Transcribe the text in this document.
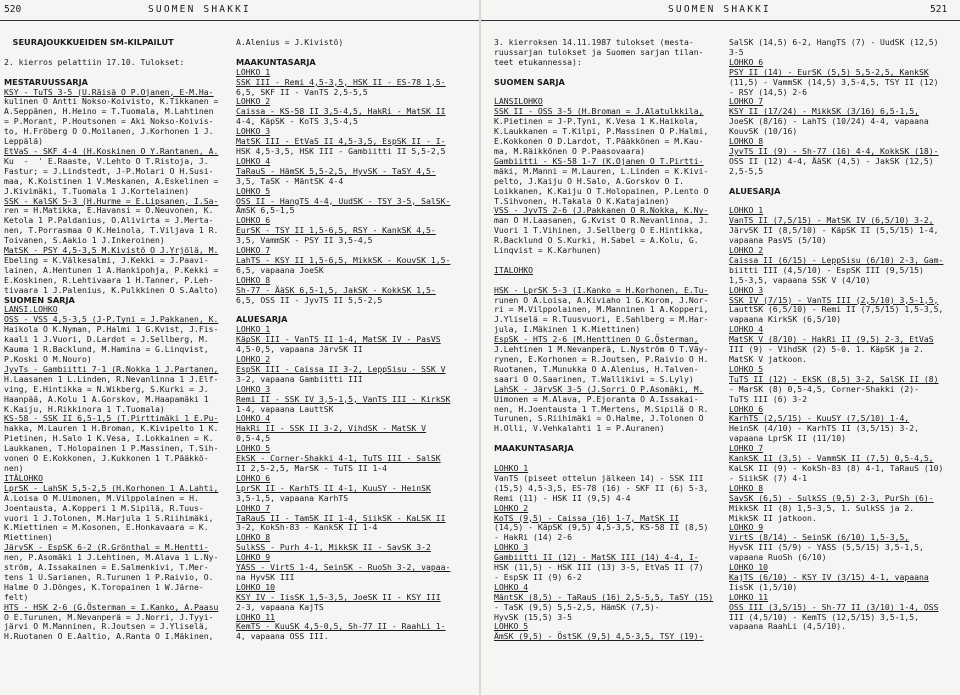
520	SUOMEN SHAKKI	SUOMEN SHAKKI	521

SEURAJOUKKUEIDEN SM-KILPAILUT

2. kierros pelattiin 17.10. Tulokset:

MESTARUUSSARJA

KSY - TuTS 3-5 (U.Räisä O P.Ojanen, E-M.Ha-

kulinen O Antti Nokso-Koivisto, K.Tikkanen =

A.Seppänen, H.Heino = T.Tuomala, M.Lahtinen

= P.Morant, P.Houtsonen = Aki Nokso-Koivis-

to, H.Fröberg O O.Moilanen, J.Korhonen 1 J.

Leppälä)

EtVaS - SKF 4-4 (H.Koskinen O Y.Rantanen, A.

Ku  -  ' E.Raaste, V.Lehto O T.Ristoja, J.

Fastur; = J.Lindstedt, J-P.Molari O H.Susi-

maa, K.Koistinen 1 V.Meskanen, A.Eskelinen =

J.Kivimäki, T.Tuomala 1 J.Kortelainen)

SSK - KalSK 5-3 (H.Hurme = E.Lipsanen, I.Sa-

ren = H.Matikka, E.Havansi = O.Neuvonen, K.

Ketola 1 P.Paldanius, O.Alivirta = J.Merta-

nen, T.Porrasmaa O K.Heinola, T.Viljava 1 R.

Toivanen, S.Aakio 1 J.Inkeroinen)

MatSK - PSY 4,5-3,5 M.Kivistö O J.Yrjölä, M.

Ebeling = K.Välkesalmi, J.Kekki = J.Paavi-

lainen, A.Hentunen 1 A.Hankipohja, P.Kekki =

E.Koskinen, R.Lehtivaara 1 H.Tanner, P.Leh-

tivaara 1 J.Palenius, K.Pulkkinen O S.Aalto)

SUOMEN SARJA

LANSI.LOHKO

OSS - VSS 4,5-3,5 (J-P.Tyni = J.Pakkanen, K.

Haikola O K.Nyman, P.Halmi 1 G.Kvist, J.Fis-

kaali 1 J.Vuori, D.Lardot = J.Sellberg, M.

Kauma 1 R.Backlund, M.Hamina = G.Linqvist,

P.Koski O M.Nouro)

JyvTs - Gambiitti 7-1 (R.Nokka 1 J.Partanen,

H.Laasanen 1 L.Linden, R.Nevanlinna 1 J.Elf-

ving, E.Hintikka = N.Wikberg, S.Kurki = J.

Haanpää, A.Kolu 1 A.Gorskov, M.Haapamäki 1

K.Kaiju, H.Rikkinora 1 T.Tuomala)

KS-58 - SSK II 6,5-1,5 (T.Pirttimäki 1 E.Pu-

hakka, M.Lauren 1 H.Broman, K.Kivipelto 1 K.

Pietinen, H.Salo 1 K.Vesa, I.Lokkainen = K.

Laukkanen, T.Holopainen 1 P.Massinen, T.Sih-

vonen O E.Kokkonen, J.Kukkonen 1 T.Pääkkö-

nen)

ITÄLOHKO

LprSK - LahSK 5,5-2,5 (H.Korhonen 1 A.Lahti,

A.Loisa O M.Uimonen, M.Vilppolainen = H.

Joentausta, A.Kopperi 1 M.Sipilä, R.Tuus-

vuori 1 J.Tolonen, M.Harjula 1 S.Riihimäki,

K.Miettinen = M.Kosonen, E.Honkavaara = K.

Miettinen)

JärvSK - EspSK 6-2 (R.Grönthal = M.Hentti-

nen, P.Asomäki 1 J.Lehtinen, M.Alava 1 L.Ny-

ström, A.Issakainen = E.Salmenkivi, T.Mer-

tens 1 U.Sarianen, R.Turunen 1 P.Raivio, O.

Halme O J.Dönges, K.Toropainen 1 W.Järne-

felt)

HTS - HSK 2-6 (G.Österman = I.Kanko, A.Paasu

O E.Turunen, M.Nevanperä = J.Norri, J.Tyyi-

järvi O M.Manninen, R.Joutsen = J.Yliselä,

H.Ruotanen O E.Aaltio, A.Ranta O I.Mäkinen,

A.Alenius = J.Kivistö)

MAAKUNTASARJA

LOHKO 1

SSK III - Remi 4,5-3,5, HSK II - ES-78 1,5-

6,5, SKF II - VanTS 2,5-5,5

LOHKO 2

Caissa - KS-58 II 3,5-4,5, HakRi - MatSK II

4-4, KäpSK - KoTS 3,5-4,5

LOHKO 3

MatSK III - EtVaS II 4,5-3,5, EspSK II - I-

HSK 4,5-3,5, HSK III - Gambiitti II 5,5-2,5

LOHKO 4

TaRauS - HämSK 5,5-2,5, HyvSK - TaSY 4,5-

3,5, TaSK - MäntSK 4-4

LOHKO 5

OSS II - HangTS 4-4, UudSK - TSY 3-5, SalSK-

ÄmSK 6,5-1,5

LOHKO 6

EurSK - TSY II 1,5-6,5, RSY - KankSK 4,5-

3,5, VammSK - PSY II 3,5-4,5

LOHKO 7

LahTS - KSY II 1,5-6,5, MikkSK - KouvSK 1,5-

6,5, vapaana JoeSK

LOHKO 8

Sh-77 - ÄäSK 6,5-1,5, JakSK - KokkSK 1,5-

6,5, OSS II - JyvTS II 5,5-2,5

ALUESARJA

LOHKO 1

KäpSK III - VanTS II 1-4, MatSK IV - PasVS

4,5-0,5, vapaana JärvSK II

LOHKO 2

EspSK III - Caissa II 3-2, LeppSisu - SSK V

3-2, vapaana Gambiitti III

LOHKO 3

Remi II - SSK IV 3,5-1,5, VanTS III - KirkSK

1-4, vapaana LauttSK

LOHKO 4

HakRi II - SSK II 3-2, VihdSK - MatSK V

0,5-4,5

LOHKO 5

EkSK - Corner-Shakki 4-1, TuTS III - SalSK

II 2,5-2,5, MarSK - TuTS II 1-4

LOHKO 6

LprSK II - KarhTS II 4-1, KuuSY - HeinSK

3,5-1,5, vapaana KarhTS

LOHKO 7

TaRauS II - TamSK II 1-4, SiikSK - KaLSK II

3-2, KokSh-83 - KankSK II 1-4

LOHKO 8

SulkSS - Purh 4-1, MikkSK II - SavSK 3-2

LOHKO 9

YASS - VirtS 1-4, SeinSK - RuoSh 3-2, vapaa-

na HyvSK III

LOHKO 10

KSY IV - IisSK 1,5-3,5, JoeSK II - KSY III

2-3, vapaana KajTS

LOHKO 11

KemTS - KuuSK 4,5-0,5, Sh-77 II - RaahLi 1-

4, vapaana OSS III.

3. kierroksen 14.11.1987 tulokset (mesta-

ruussarjan tulokset ja Suomen sarjan tilan-

teet etukannessa):

SUOMEN SARJA

LANSILOHKO

SSK II - OSS 3-5 (H.Broman = J.Alatulkkila,

K.Pietinen = J-P.Tyni, K.Vesa 1 K.Haikola,

K.Laukkanen = T.Kilpi, P.Massinen O P.Halmi,

E.Kokkonen O D.Lardot, T.Pääkkönen = M.Kau-

ma, M.Räikkönen O P.Paasovaara)

Gambiitti - KS-58 1-7 (K.Ojanen O T.Pirtti-

mäki, M.Manni = M.Lauren, L.Linden = K.Kivi-

pelto, J.Kaiju O H.Salo, A.Gorskov O I.

Loikkanen, K.Kaiju O T.Holopainen, P.Lento O

T.Sihvonen, H.Takala O K.Katajainen)

VSS - JyvTS 2-6 (J.Pakkanen O R.Nokka, K.Ny-

man O H.Laasanen, G.Kvist O R.Nevanlinna, J.

Vuori 1 T.Vihinen, J.Sellberg O E.Hintikka,

R.Backlund O S.Kurki, H.Sabel = A.Kolu, G.

Linqvist = K.Karhunen)

ITALOHKO

HSK - LprSK 5-3 (I.Kanko = H.Korhonen, E.Tu-

runen O A.Loisa, A.Kiviaho 1 G.Korom, J.Nor-

ri = M.Vilppolainen, M.Manninen 1 A.Kopperi,

J.Yliselä = R.Tuusvuori, E.Sahlberg = M.Har-

jula, I.Mäkinen 1 K.Miettinen)

EspSK - HTS 2-6 (M.Henttinen O G.Österman,

J.Lehtinen 1 M.Nevanperä, L.Nyström O T.Väy-

rynen, E.Korhonen = R.Joutsen, P.Raivio O H.

Ruotanen, T.Munukka O A.Alenius, H.Talven-

saari O O.Saarinen, T.Wallikivi = S.Lyly)

LahSK - JärvSK 3-5 (J.Sorri O P.Asomäki, M.

Uimonen = M.Alava, P.Ejoranta O A.Issakai-

nen, H.Joentausta 1 T.Mertens, M.Sipilä O R.

Turunen, S.Riihimäki = O.Halme, J.Tolonen O

H.Olli, V.Vehkalahti 1 = P.Auranen)

MAAKUNTASARJA

LOHKO 1

VanTS (piseet ottelun jälkeen 14) - SSK III

(15,5) 4,5-3,5, ES-78 (16) - SKF II (6) 5-3,

Remi (11) - HSK II (9,5) 4-4

LOHKO 2

KoTS (9,5) - Caissa (16) 1-7, MatSK II

(14,5) - KäpSK (9,5) 4,5-3,5, KS-58 II (8,5)

- HakRi (14) 2-6

LOHKO 3

Gambiitti II (12) - MatSK III (14) 4-4, I-

HSK (11,5) - HSK III (13) 3-5, EtVaS II (7)

- EspSK II (9) 6-2

LOHKO 4

MäntSK (8,5) - TaRauS (16) 2,5-5,5, TaSY (15)

- TaSK (9,5) 5,5-2,5, HämSK (7,5)-

HyvSK (15,5) 3-5

LOHKO 5

ÄmSK (9,5) - ÖstSK (9,5) 4,5-3,5, TSY (19)-

SalSK (14,5) 6-2, HangTS (7) - UudSK (12,5)

3-5

LOHKO 6

PSY II (14) - EurSK (5,5) 5,5-2,5, KankSK

(11,5) - VammSK (14,5) 3,5-4,5, TSY II (12)

- RSY (14,5) 2-6

LOHKO 7

KSY II (17/24) - MikkSK (3/16) 6,5-1,5,

JoeSK (8/16) - LahTS (10/24) 4-4, vapaana

KouvSK (10/16)

LOHKO 8

JyvTS II (9) - Sh-77 (16) 4-4, KokkSK (18)-

OSS II (12) 4-4, ÄäSK (4,5) - JakSK (12,5)

2,5-5,5

ALUESARJA

LOHKO 1

VanTS II (7,5/15) - MatSK IV (6,5/10) 3-2,

JärvSK II (8,5/10) - KäpSK II (5,5/15) 1-4,

vapaana PasVS (5/10)

LOHKO 2

Caissa II (6/15) - LeppSisu (6/10) 2-3, Gam-

biitti III (4,5/10) - EspSK III (9,5/15)

1,5-3,5, vapaana SSK V (4/10)

LOHKO 3

SSK IV (7/15) - VanTS III (2,5/10) 3,5-1,5,

LauttSK (6,5/10) - Remi II (7,5/15) 1,5-3,5,

vapaana KirkSK (6,5/10)

LOHKO 4

MatSK V (8/10) - HakRi II (9,5) 2-3, EtVaS

III (9) - VihdSK (2) 5-0. 1. KäpSK ja 2.

MatSK V jatkoon.

LOHKO 5

TuTS II (12) - EkSK (8,5) 3-2, SalSK II (8)

- MarSK (8) 0,5-4,5, Corner-Shakki (2)-

TuTS III (6) 3-2

LOHKO 6

KarhTS (2,5/15) - KuuSY (7,5/10) 1-4,

HeinSK (4/10) - KarhTS II (3,5/15) 3-2,

vapaana LprSK II (11/10)

LOHKO 7

KankSK II (3,5) - VammSK II (7,5) 0,5-4,5,

KaLSK II (9) - KokSh-83 (8) 4-1, TaRauS (10)

- SiikSK (7) 4-1

LOHKO 8

SavSK (6,5) - SulkSS (9,5) 2-3, PurSh (6)-

MikkSK II (8) 1,5-3,5, 1. SulkSS ja 2.

MikkSK II jatkoon.

LOHKO 9

VirtS (8/14) - SeinSK (6/10) 1,5-3,5,

HyvSK III (5/9) - YASS (5,5/15) 3,5-1,5,

vapaana RuoSh (6/10)

LOHKO 10

KajTS (6/10) - KSY IV (3/15) 4-1, vapaana

IisSK (1,5/10)

LOHKO 11

OSS III (3,5/15) - Sh-77 II (3/10) 1-4, OSS

III (4,5/10) - KemTS (12,5/15) 3,5-1,5,

vapaana RaahLi (4,5/10).
